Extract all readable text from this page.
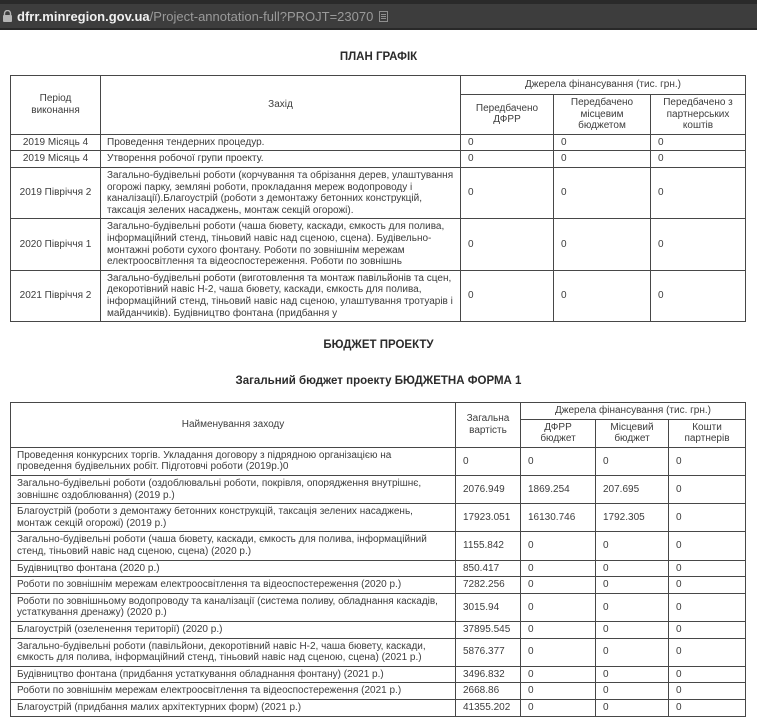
dfrr.minregion.gov.ua/Project-annotation-full?PROJT=23070
ПЛАН ГРАФІК
Період виконання	Захід	Джерела фінансування (тис. грн.)		
		Передбачено ДФРР	Передбачено місцевим бюджетом	Передбачено з партнерських коштів
2019 Місяць 4	Проведення тендерних процедур.	0	0	0
2019 Місяць 4	Утворення робочої групи проекту.	0	0	0
2019 Півріччя 2	Загально-будівельні роботи (корчування та обрізання дерев, улаштування огорожі парку, земляні роботи, прокладання мереж водопроводу і каналізації).Благоустрій (роботи з демонтажу бетонних конструкцій, таксація зелених насаджень, монтаж секцій огорожі).	0	0	0
2020 Півріччя 1	Загально-будівельні роботи (чаша бювету, каскади, ємкость для полива, інформаційний стенд, тіньовий навіс над сценою, сцена). Будівельно-монтажні роботи сухого фонтану. Роботи по зовнішнім мережам електроосвітлення та відеоспостереження. Роботи по зовнішнь	0	0	0
2021 Півріччя 2	Загально-будівельні роботи (виготовлення та монтаж павільйонів та сцен, декоротівний навіс Н-2, чаша бювету, каскади, ємкость для полива, інформаційний стенд, тіньовий навіс над сценою, улаштування тротуарів і майданчиків). Будівництво фонтана (придбання у	0	0	0
БЮДЖЕТ ПРОЕКТУ
Загальний бюджет проекту БЮДЖЕТНА ФОРМА 1
Найменування заходу	Загальна вартість	Джерела фінансування (тис. грн.)		
		ДФРР бюджет	Місцевий бюджет	Кошти партнерів
Проведення конкурсних торгів. Укладання договору з підрядною організацією на проведення будівельних робіт. Підготовчі роботи (2019р.)0	0	0	0	0
Загально-будівельні роботи (оздоблювальні роботи, покрівля, опорядження внутрішнє, зовнішнє оздоблювання) (2019 р.)	2076.949	1869.254	207.695	0
Благоустрій (роботи з демонтажу бетонних конструкцій, таксація зелених насаджень, монтаж секцій огорожі) (2019 р.)	17923.051	16130.746	1792.305	0
Загально-будівельні роботи (чаша бювету, каскади, ємкость для полива, інформаційний стенд, тіньовий навіс над сценою, сцена) (2020 р.)	1155.842	0	0	0
Будівництво фонтана (2020 р.)	850.417	0	0	0
Роботи по зовнішнім мережам електроосвітлення та відеоспостереження (2020 р.)	7282.256	0	0	0
Роботи по зовнішньому водопроводу та каналізації (система поливу, обладнання каскадів, устаткування дренажу) (2020 р.)	3015.94	0	0	0
Благоустрій (озеленення території) (2020 р.)	37895.545	0	0	0
Загально-будівельні роботи (павільйони, декоротівний навіс Н-2, чаша бювету, каскади, ємкость для полива, інформаційний стенд, тіньовий навіс над сценою, сцена) (2021 р.)	5876.377	0	0	0
Будівництво фонтана (придбання устаткування обладнання фонтану) (2021 р.)	3496.832	0	0	0
Роботи по зовнішнім мережам електроосвітлення та відеоспостереження (2021 р.)	2668.86	0	0	0
Благоустрій (придбання малих архітектурних форм) (2021 р.)	41355.202	0	0	0
